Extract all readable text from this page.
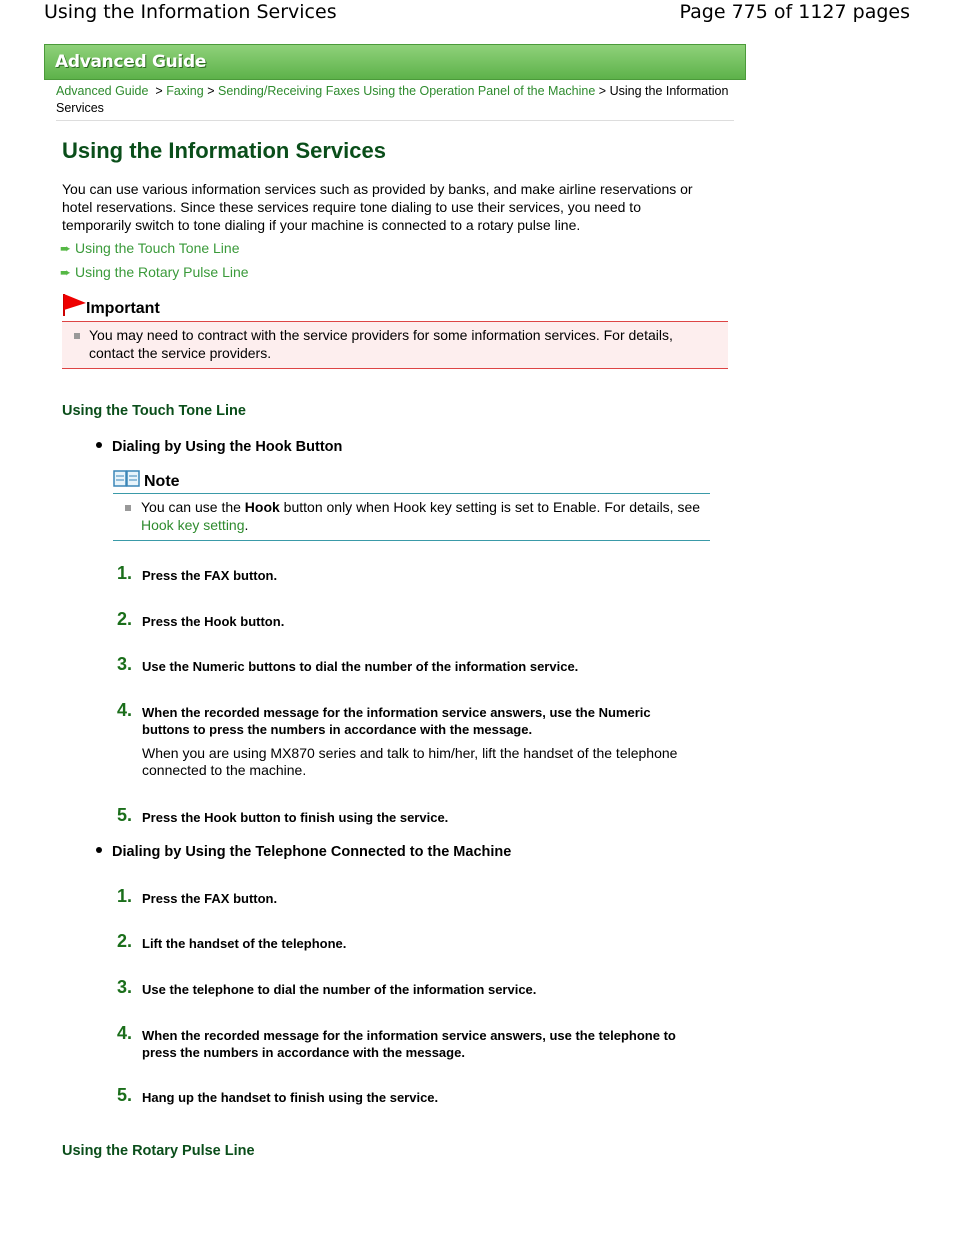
Using the Information Services	Page 775 of 1127 pages
Advanced Guide
Advanced Guide > Faxing > Sending/Receiving Faxes Using the Operation Panel of the Machine > Using the Information Services
Using the Information Services
You can use various information services such as provided by banks, and make airline reservations or hotel reservations. Since these services require tone dialing to use their services, you need to temporarily switch to tone dialing if your machine is connected to a rotary pulse line.
➨ Using the Touch Tone Line
➨ Using the Rotary Pulse Line
Important
You may need to contract with the service providers for some information services. For details, contact the service providers.
Using the Touch Tone Line
Dialing by Using the Hook Button
Note
You can use the Hook button only when Hook key setting is set to Enable. For details, see Hook key setting.
1. Press the FAX button.
2. Press the Hook button.
3. Use the Numeric buttons to dial the number of the information service.
4. When the recorded message for the information service answers, use the Numeric buttons to press the numbers in accordance with the message.
When you are using MX870 series and talk to him/her, lift the handset of the telephone connected to the machine.
5. Press the Hook button to finish using the service.
Dialing by Using the Telephone Connected to the Machine
1. Press the FAX button.
2. Lift the handset of the telephone.
3. Use the telephone to dial the number of the information service.
4. When the recorded message for the information service answers, use the telephone to press the numbers in accordance with the message.
5. Hang up the handset to finish using the service.
Using the Rotary Pulse Line
